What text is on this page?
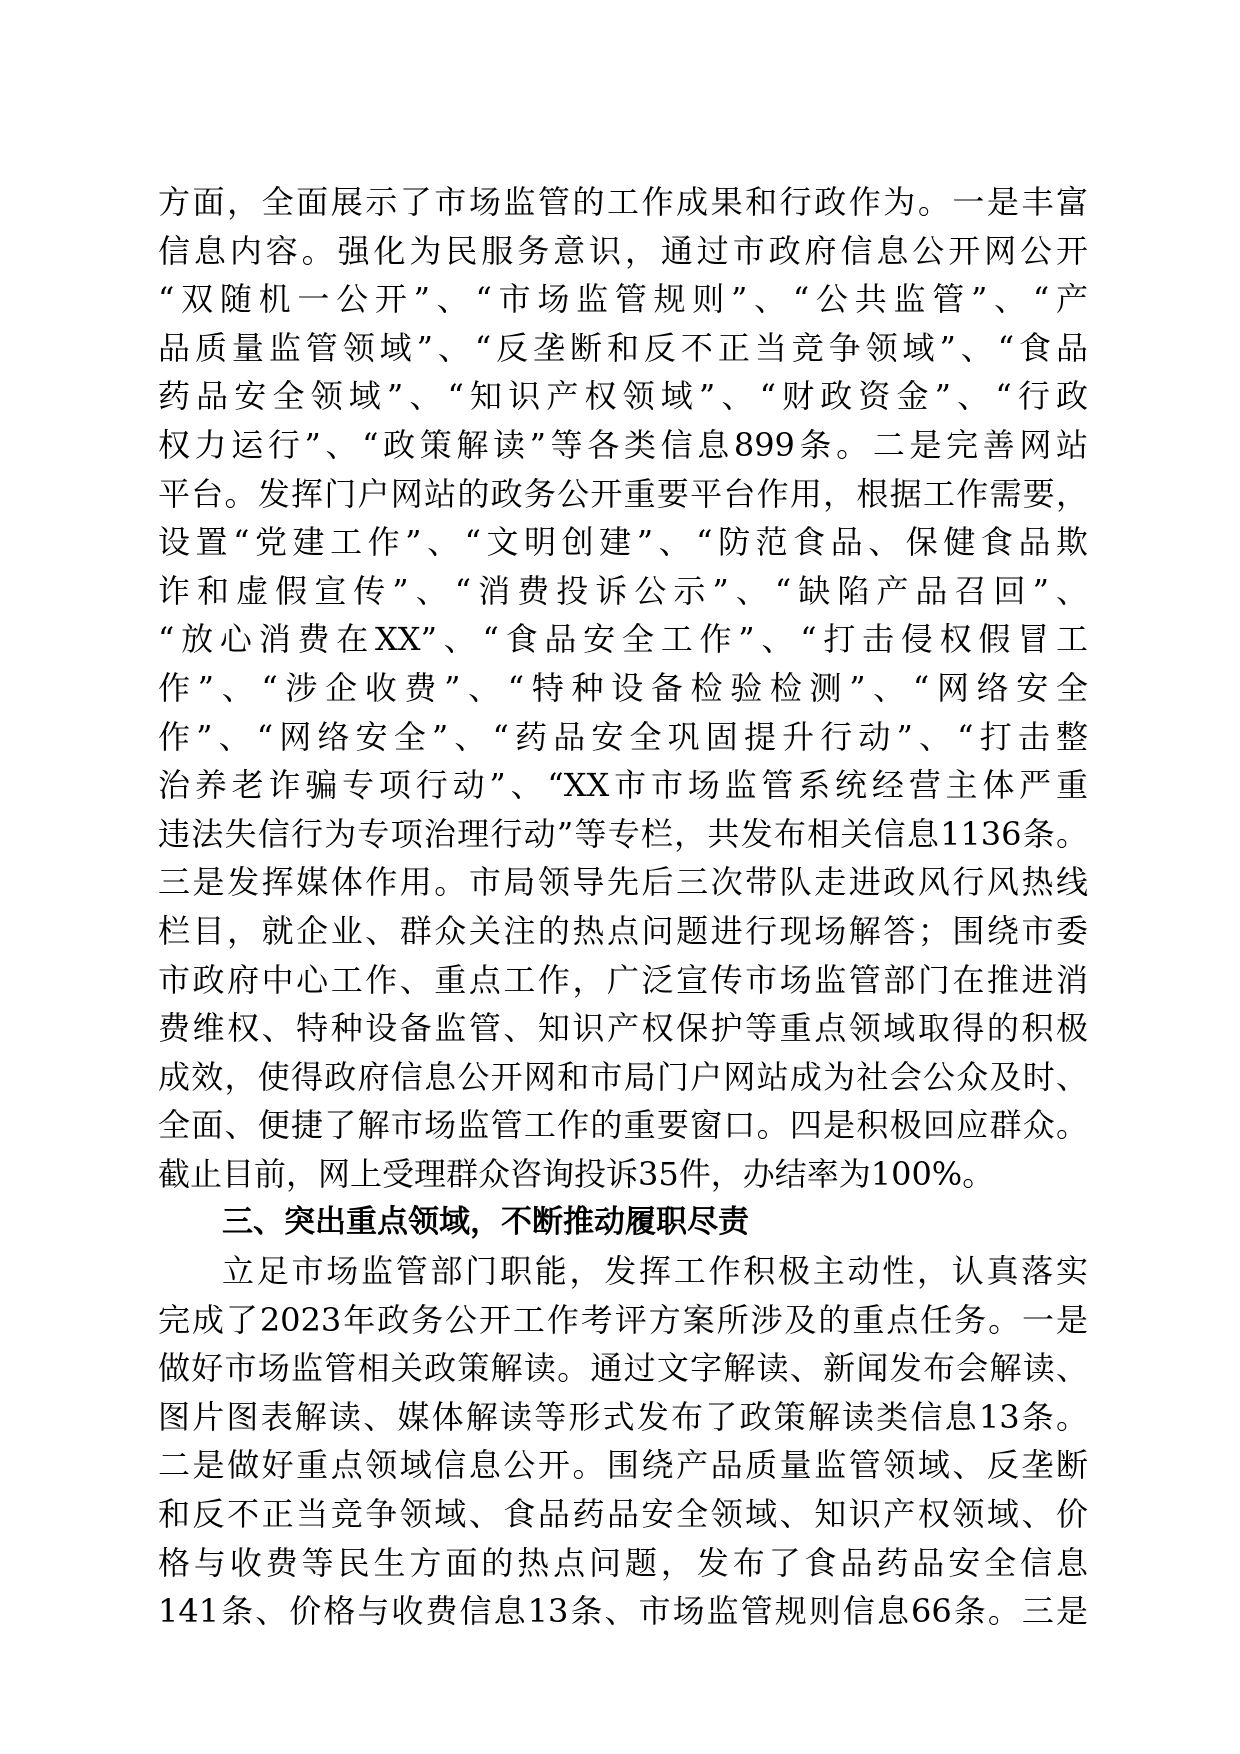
方面，全面展示了市场监管的工作成果和行政作为。一是丰富
信息内容。强化为民服务意识，通过市政府信息公开网公开
“双随机一公开”、“市场监管规则”、“公共监管”、“产
品质量监管领域”、“反垄断和反不正当竞争领域”、“食品
药品安全领域”、“知识产权领域”、“财政资金”、“行政
权力运行”、“政策解读”等各类信息899条。二是完善网站
平台。发挥门户网站的政务公开重要平台作用，根据工作需要，
设置“党建工作”、“文明创建”、“防范食品、保健食品欺
诈和虚假宣传”、“消费投诉公示”、“缺陷产品召回”、
“放心消费在XX”、“食品安全工作”、“打击侵权假冒工
作”、“涉企收费”、“特种设备检验检测”、“网络安全
作”、“网络安全”、“药品安全巩固提升行动”、“打击整
治养老诈骗专项行动”、“XX市市场监管系统经营主体严重
违法失信行为专项治理行动”等专栏，共发布相关信息1136条。
三是发挥媒体作用。市局领导先后三次带队走进政风行风热线
栏目，就企业、群众关注的热点问题进行现场解答；围绕市委
市政府中心工作、重点工作，广泛宣传市场监管部门在推进消
费维权、特种设备监管、知识产权保护等重点领域取得的积极
成效，使得政府信息公开网和市局门户网站成为社会公众及时、
全面、便捷了解市场监管工作的重要窗口。四是积极回应群众。
截止目前，网上受理群众咨询投诉35件，办结率为100%。
三、突出重点领域，不断推动履职尽责
立足市场监管部门职能，发挥工作积极主动性，认真落实
完成了2023年政务公开工作考评方案所涉及的重点任务。一是
做好市场监管相关政策解读。通过文字解读、新闻发布会解读、
图片图表解读、媒体解读等形式发布了政策解读类信息13条。
二是做好重点领域信息公开。围绕产品质量监管领域、反垄断
和反不正当竞争领域、食品药品安全领域、知识产权领域、价
格与收费等民生方面的热点问题，发布了食品药品安全信息
141条、价格与收费信息13条、市场监管规则信息66条。三是
